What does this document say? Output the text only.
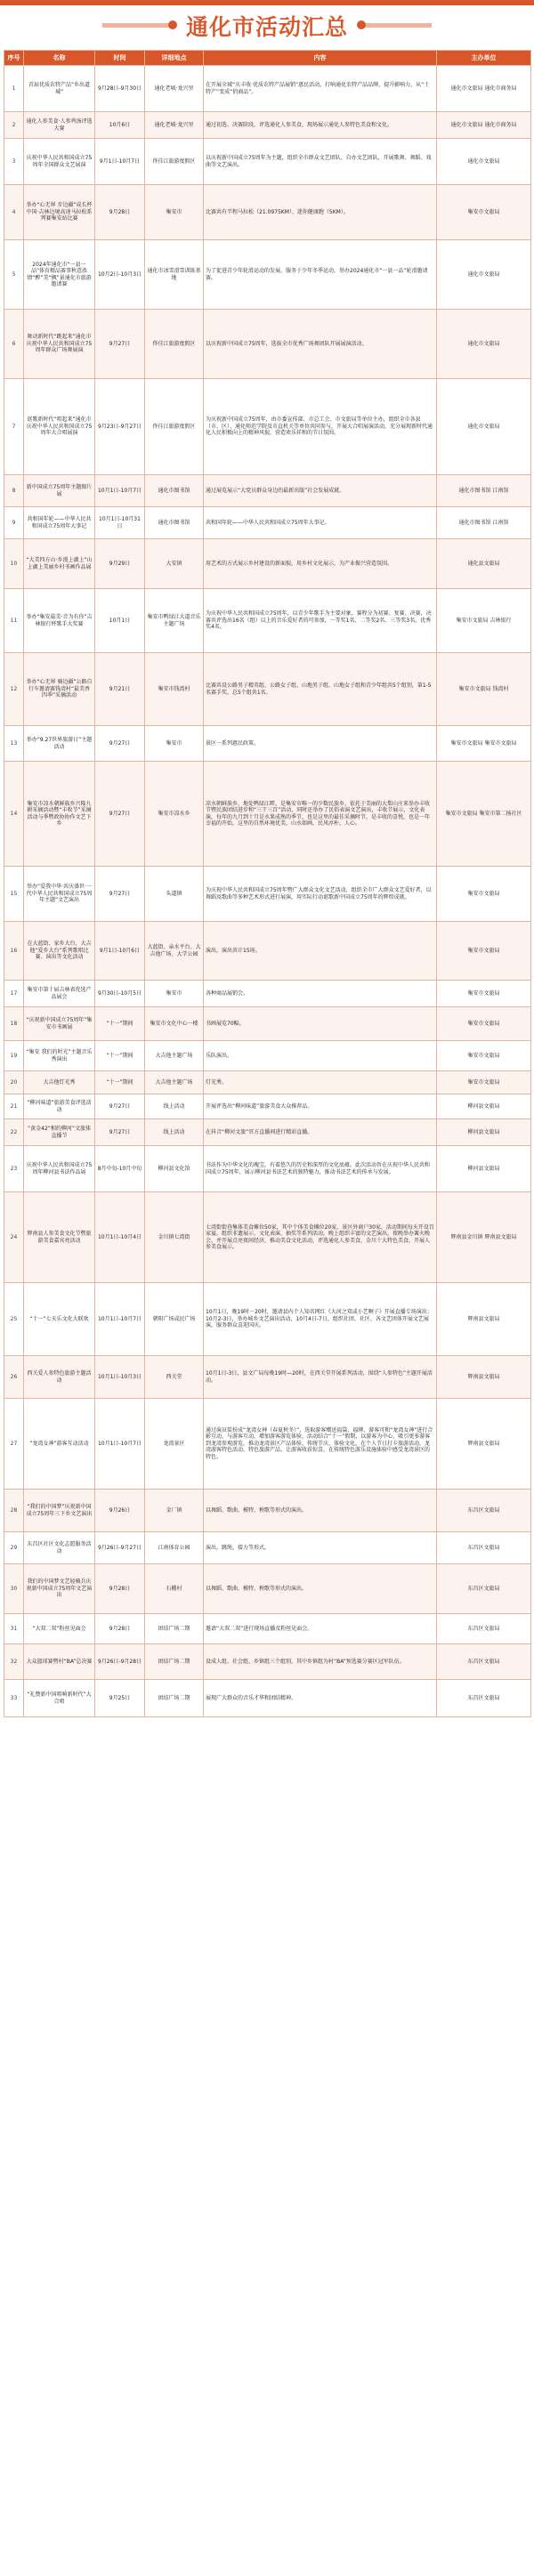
通化市活动汇总
序号	名称	时间	详细地点	内容	主办单位
1	首届优质农特产品“乡出道城”	9月28日-9月30日	通化老城·龙兴里	在开展全域“庆丰收·优质农特产品展销”惠民活动，打响通化农特产品品牌，提升影响力，从“土特产”变成“俏商品”。	通化市文旅局 通化市商务局
2	通化人参美食·人参鸡汤评选大赛	10月6日	通化老城·龙兴里	通过初选、决赛阶段，评选通化人参美食，现场展示通化人参特色美食和文化。	通化市文旅局 通化市商务局
3	庆祝中华人民共和国成立75周年全国群众文艺展演	9月1日-10月7日	佟佳江旅游度假区	以庆祝新中国成立75周年为主题，组织全市群众文艺团队、自办文艺团队，开展歌舞、舞蹈、戏曲等文艺演出。	通化市文旅局
4	举办“心无界 步边疆”成长杯中国·吉林边境高速马拉松系列赛集安站比赛	9月28日	集安市	比赛共有半程马拉松（21.0975KM）、迷你健康跑（5KM）。	集安市文旅局
5	2024年通化市“一县一品”体育精品赛事秋意浓情“醉”美“枫”景通化市旅游邀请赛	10月2日-10月3日	通化市冰雪滑雪训练基地	为了促进青少年轮滑运动的发展，服务于少年冬季运动，举办2024通化市“一县一品”轮滑邀请赛。	通化市文旅局
6	舞动新时代“跳起来”通化市庆祝中华人民共和国成立75周年群众广场舞展演	9月27日	佟佳江旅游度假区	以庆祝新中国成立75周年，选拔全市优秀广场舞团队开展展演活动。	通化市文旅局
7	讴歌新时代“唱起来”通化市庆祝中华人民共和国成立75周年大合唱展演	9月23日-9月27日	佟佳江旅游度假区	为庆祝新中国成立75周年，由市委宣传部、市总工会、市文旅局等单位主办，组织全市各县（市、区）、通化师范学院及市直机关等单位共同参与，开展大合唱展演活动，充分展现新时代通化人民积极向上的精神风貌，营造欢乐祥和的节日氛围。	通化市文旅局
8	新中国成立75周年主题图片展	10月1日-10月7日	通化市图书馆	通过展览展示“大党员群众身边的最新出版”社会发展成就。	通化市图书馆 江南馆
9	共和国年轮——中华人民共和国成立75周年大事记	10月1日-10月31日	通化市图书馆	共和国年轮——中华人民共和国成立75周年大事记。	通化市图书馆 江南馆
10	“大美四方山·乡漫上湖上”山上湖上美丽乡村书画作品展	9月29日	大安镇	用艺术的方式展示乡村建设的新面貌，用乡村文化展示，为产业振兴营造氛围。	通化县文旅局
11	举办“集安最美·音为有你”吉林银行杯歌手大奖赛	10月1日	集安市鸭绿江大道音乐主题广场	为庆祝中华人民共和国成立75周年，以青少年歌手为主要对象，赛程分为初赛、复赛、决赛，决赛共评选出16名（组）以上的音乐爱好者的可参加，一等奖1名、二等奖2名、三等奖3名，优秀奖4名。	集安市文旅局 吉林银行
12	举办“心无界 骑边疆”公路自行车邀请赛钱湾村“最美香四季”采摘活动	9月21日	集安市钱湾村	比赛共设公路男子精英组、公路女子组、山地男子组、山地女子组和青少年组共5个组别，第1-5名赛手奖，总5个组共1名。	集安市文旅局 钱湾村
13	举办“9.27世界旅游日”主题活动	9月27日	集安市	景区一系列惠民政策。	集安市文旅局 集安市文旅局
14	集安市凉水朝鲜族乡兴隆九耕采摘活动暨“丰收节”采摘活动与季暨政协协作文艺下乡	9月27日	集安市凉水乡	凉水朝鲜族乡，地处鸭绿江畔，是集安市唯一的少数民族乡，依托于美丽的大梨山庄来举办丰收节暨民族团结进步和“三干三百”活动，同时还举办了民俗表演文艺演出，丰收节展示，文化表演，每年的九月到十月是水果成熟的季节，也是这里的最佳采摘时节，是丰收的喜悦，也是一年幸福的开始，这里的自然环境优美，山水如画，民风淳朴，人心。	集安市文旅局 集安市第二扬社区
15	举办“爱我中华·共庆盛世·一代中华人民共和国成立75周年主题”文艺演出	9月27日	头道镇	为庆祝中华人民共和国成立75周年暨广大群众文化文艺活动，组织全市广大群众文艺爱好者，以舞蹈及歌曲等多种艺术形式进行展演，用实际行动讴歌新中国成立75周年的辉煌成就。	集安市文旅局
16	在大蓝街、家乡大台、大吉他“爱乡大台”系列歌唱比赛、演出等文化活动	9月1日-10月6日	大蓝街、亲水平台、大吉他广场、大学公园	演出，演出共计15场。	集安市文旅局
17	集安市第十届吉林省优选产品展会	9月30日-10月5日	集安市	各种商品展销会。	集安市文旅局
18	“庆祝新中国成立75周年”集安市书画展	“十一”期间	集安市文化中心一楼	书画展览70幅。	集安市文旅局
19	“集安 我们的时光”主题音乐秀演出	“十一”期间	大吉他主题广场	乐队演出。	集安市文旅局
20	大吉他灯光秀	“十一”期间	大吉他主题广场	灯光秀。	集安市文旅局
21	“柳河味道”旅游美食评选活动	9月27日	线上活动	开展评选出“柳河味道”旅游美食大众推荐品。	柳河县文旅局
22	“黄金42”相约柳河”文旅体直播节	9月27日	线上活动	在抖音“柳河文旅”官方直播间进行精彩直播。	柳河县文旅局
23	庆祝中华人民共和国成立75周年柳河县书法作品展	8月中旬-10月中旬	柳河县文化馆	书法作为中华文化的瑰宝，有着悠久的历史和深厚的文化底蕴。此次活动旨在庆祝中华人民共和国成立75周年，展示柳河县书法艺术的独特魅力，推动书法艺术的传承与发展。	柳河县文旅局
24	辉南县人参美食文化节暨旅游美食嘉宾亮活动	10月1日-10月4日	金川镇七湾街	七湾街街巷集体美食摊位50家，其中个体美食摊位20家，景区外商户30家。活动期间每天开设百家宴，组织非遗展示、文化表演、抽奖等系列活动，晚上组织丰富的文艺演出，夜晚举办篝火晚会，并开展点亮夜间经济，推动美食文化活动，评选通化人参美食，金川十大特色美食，开展人参美食展示。	辉南县金川镇 辉南县文旅局
25	“十一”七天乐文化大联欢	10月1日-10月7日	朝阳广场或民广场	10月1日，晚19时－20时，邀请县内个人知名网红《大河之双或小艺啊子》开展直播专场演出；10月2-3日，举办城乡文艺演出活动，10月4日-7日，组织社团、社区、各文艺团体开展文艺展演，服务群众喜迎国庆。	辉南县文旅局
26	西关爱人参特色旅游主题活动	10月1日-10月3日	西关堂	10月1日-3日，县文广局每晚19时—20时，在西关堂开展系列活动，围绕“人参特色”主题开展活动。	辉南县文旅局
27	“龙湾女神”游客互动活动	10月1日-10月7日	龙湾景区	通过演员装扮成“龙湾女神（春夏秋冬）”，选取游客赠送福袋、福牌、游客可和“龙湾女神”进行合影互动，与游客互动，增加游客游览体验，活动结合“十一”假期，以游客为中心，吸引更多游客到龙湾参观游览，推动龙湾景区产品体验，传统节庆，体验文化，在个人节日打卡旅游活动，龙湾游客特色活动、特色旅游产品、让游客收获惊喜，在传统特色游乐设施体验中感受龙湾景区的特色。	辉南县文旅局
28	“我们的中国梦”庆祝新中国成立75周年三下乡文艺演出	9月26日	金厂镇	以舞蹈、歌曲、模特、秧歌等形式的演出。	东昌区文旅局
29	东昌区社区文化志愿服务活动	9月26日-9月27日	江南体育公园	演出，跳绳，接力等形式。	东昌区文旅局
30	我们的中国梦文艺轻骑兵庆祝新中国成立75周年文艺演出	9月28日	石棚村	以舞蹈、歌曲、模特、秧歌等形式的演出。	东昌区文旅局
31	“大双二双”粉丝见面会	9月28日	团结广场二期	邀请“大双二双”进行现场直播及粉丝见面会。	东昌区文旅局
32	大众篮球赛暨村“BA”总决赛	9月26日-9月28日	团结广场二期	设成人组、社会组、乡镇组三个组别，其中乡镇组为村“BA”预选赛分赛区冠军队伍。	东昌区文旅局
33	“礼赞新中国唱响新时代”大合唱	9月25日	团结广场二期	展现广大群众的音乐才华和团结精神。	东昌区文旅局
